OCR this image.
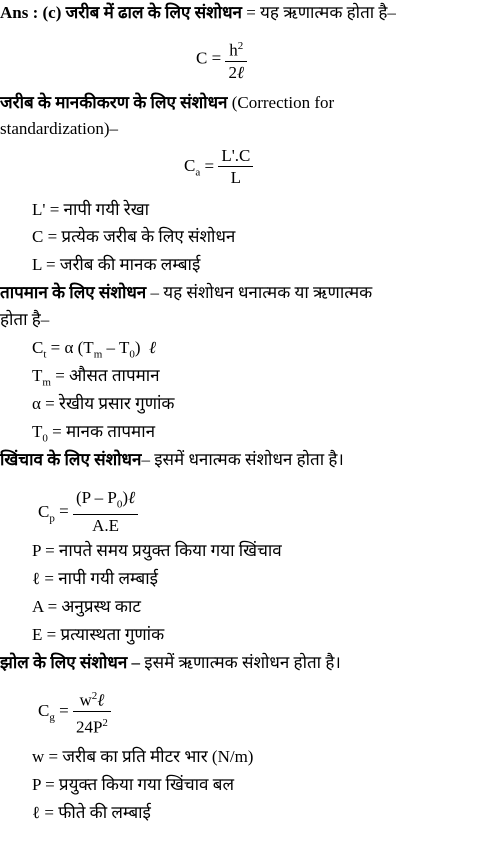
Ans : (c) जरीब में ढाल के लिए संशोधन = यह ऋणात्मक होता है–
$C = \frac{h^2}{\text{2ℓ}}$
जरीब के मानकीकरण के लिए संशोधन (Correction for
standardization)–
$C_a = \frac{L'.C}{L}$
L' = नापी गयी रेखा
C = प्रत्येक जरीब के लिए संशोधन
L = जरीब की मानक लम्बाई
तापमान के लिए संशोधन – यह संशोधन धनात्मक या ऋणात्मक
होता है–
$C_t = \alpha$ $(T_m - T_0)$ ℓ
$T_m$ = औसत तापमान
α = रेखीय प्रसार गुणांक
$T_0$ = मानक तापमान
खिंचाव के लिए संशोधन– इसमें धनात्मक संशोधन होता है।
$C_p = \frac{(P - P_0)\ell}{A.E}$
P = नापते समय प्रयुक्त किया गया खिंचाव
ℓ = नापी गयी लम्बाई
A = अनुप्रस्थ काट
E = प्रत्यास्थता गुणांक
झोल के लिए संशोधन – इसमें ऋणात्मक संशोधन होता है।
$C_g = \frac{w^2\ell}{24P^2}$
w = जरीब का प्रति मीटर भार (N/m)
P = प्रयुक्त किया गया खिंचाव बल
ℓ = फीते की लम्बाई
